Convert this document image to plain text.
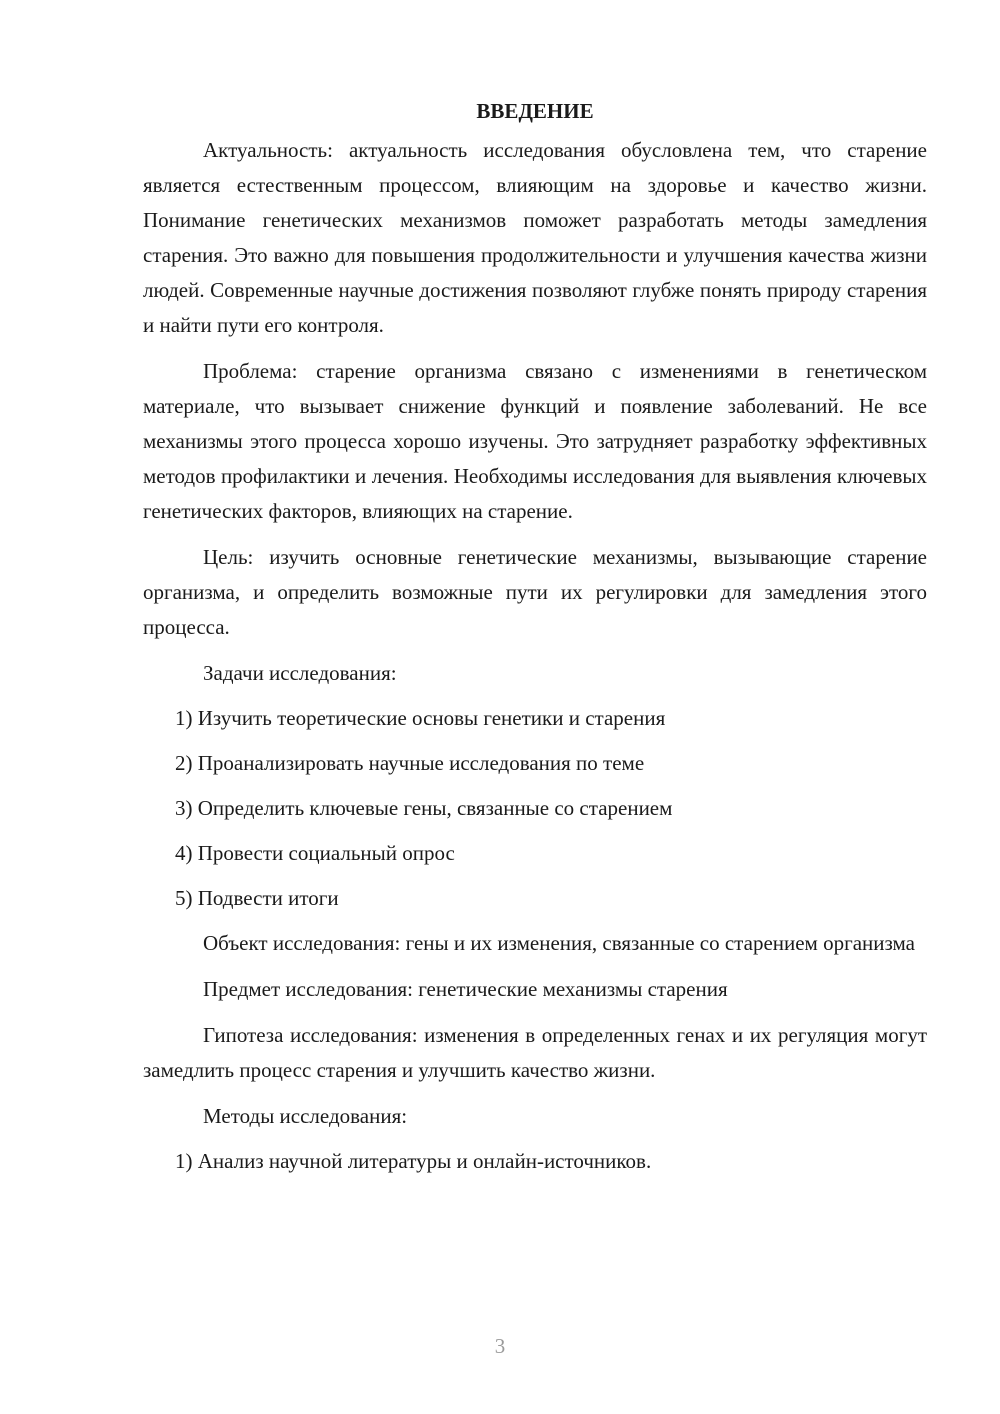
ВВЕДЕНИЕ
Актуальность: актуальность исследования обусловлена тем, что старение является естественным процессом, влияющим на здоровье и качество жизни. Понимание генетических механизмов поможет разработать методы замедления старения. Это важно для повышения продолжительности и улучшения качества жизни людей. Современные научные достижения позволяют глубже понять природу старения и найти пути его контроля.
Проблема: старение организма связано с изменениями в генетическом материале, что вызывает снижение функций и появление заболеваний. Не все механизмы этого процесса хорошо изучены. Это затрудняет разработку эффективных методов профилактики и лечения. Необходимы исследования для выявления ключевых генетических факторов, влияющих на старение.
Цель: изучить основные генетические механизмы, вызывающие старение организма, и определить возможные пути их регулировки для замедления этого процесса.
Задачи исследования:
1) Изучить теоретические основы генетики и старения
2) Проанализировать научные исследования по теме
3) Определить ключевые гены, связанные со старением
4) Провести социальный опрос
5) Подвести итоги
Объект исследования: гены и их изменения, связанные со старением организма
Предмет исследования: генетические механизмы старения
Гипотеза исследования: изменения в определенных генах и их регуляция могут замедлить процесс старения и улучшить качество жизни.
Методы исследования:
1) Анализ научной литературы и онлайн-источников.
3
